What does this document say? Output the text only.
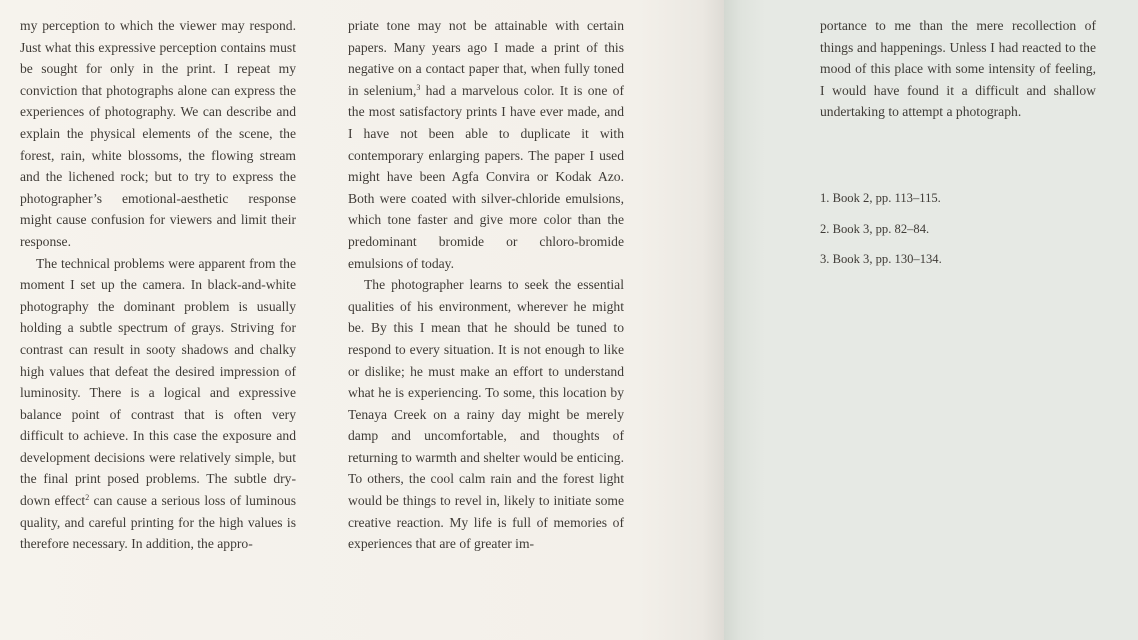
my perception to which the viewer may respond. Just what this expressive perception contains must be sought for only in the print. I repeat my conviction that photographs alone can express the experiences of photography. We can describe and explain the physical elements of the scene, the forest, rain, white blossoms, the flowing stream and the lichened rock; but to try to express the photographer’s emotional-aesthetic response might cause confusion for viewers and limit their response.

The technical problems were apparent from the moment I set up the camera. In black-and-white photography the dominant problem is usually holding a subtle spectrum of grays. Striving for contrast can result in sooty shadows and chalky high values that defeat the desired impression of luminosity. There is a logical and expressive balance point of contrast that is often very difficult to achieve. In this case the exposure and development decisions were relatively simple, but the final print posed problems. The subtle dry-down effect$^2$ can cause a serious loss of luminous quality, and careful printing for the high values is therefore necessary. In addition, the appro-

priate tone may not be attainable with certain papers. Many years ago I made a print of this negative on a contact paper that, when fully toned in selenium,$^3$ had a marvelous color. It is one of the most satisfactory prints I have ever made, and I have not been able to duplicate it with contemporary enlarging papers. The paper I used might have been Agfa Convira or Kodak Azo. Both were coated with silver-chloride emulsions, which tone faster and give more color than the predominant bromide or chloro-bromide emulsions of today.

The photographer learns to seek the essential qualities of his environment, wherever he might be. By this I mean that he should be tuned to respond to every situation. It is not enough to like or dislike; he must make an effort to understand what he is experiencing. To some, this location by Tenaya Creek on a rainy day might be merely damp and uncomfortable, and thoughts of returning to warmth and shelter would be enticing. To others, the cool calm rain and the forest light would be things to revel in, likely to initiate some creative reaction. My life is full of memories of experiences that are of greater im-

portance to me than the mere recollection of things and happenings. Unless I had reacted to the mood of this place with some intensity of feeling, I would have found it a difficult and shallow undertaking to attempt a photograph.

1. Book 2, pp. 113–115.
2. Book 3, pp. 82–84.
3. Book 3, pp. 130–134.
